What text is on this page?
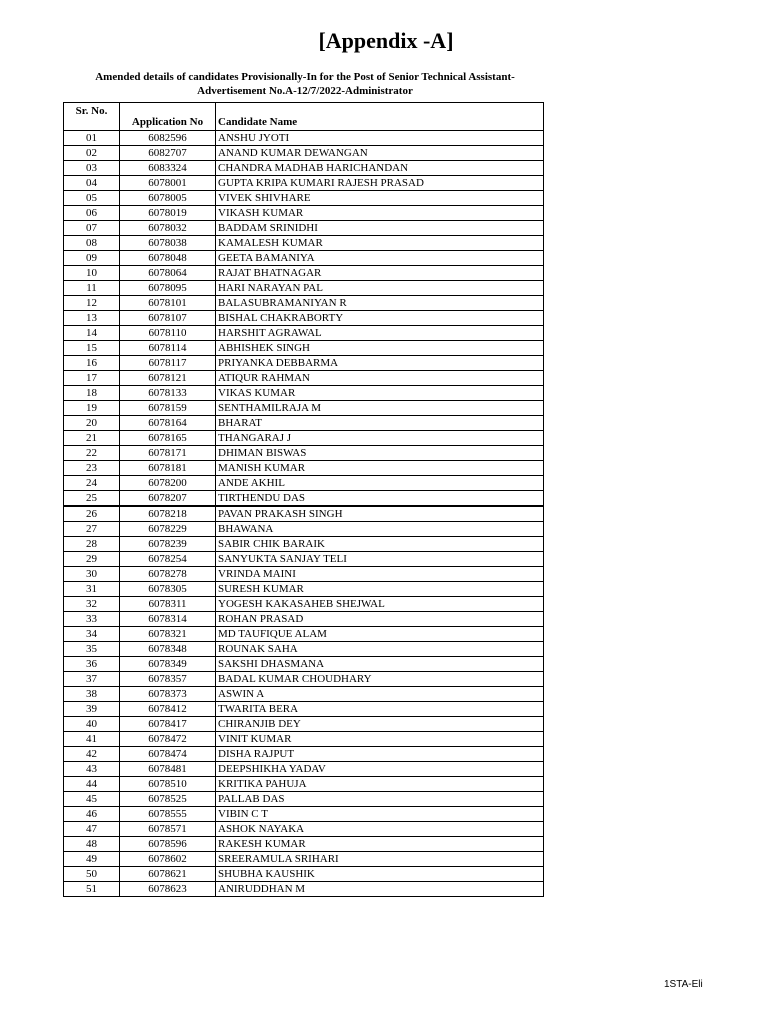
[Appendix -A]
Amended details of candidates Provisionally-In for the Post of Senior Technical Assistant-
Advertisement No.A-12/7/2022-Administrator
Sr. No.	Application No	Candidate Name
01	6082596	ANSHU JYOTI
02	6082707	ANAND KUMAR DEWANGAN
03	6083324	CHANDRA MADHAB HARICHANDAN
04	6078001	GUPTA KRIPA KUMARI RAJESH PRASAD
05	6078005	VIVEK SHIVHARE
06	6078019	VIKASH KUMAR
07	6078032	BADDAM SRINIDHI
08	6078038	KAMALESH KUMAR
09	6078048	GEETA BAMANIYA
10	6078064	RAJAT BHATNAGAR
11	6078095	HARI NARAYAN PAL
12	6078101	BALASUBRAMANIYAN R
13	6078107	BISHAL CHAKRABORTY
14	6078110	HARSHIT AGRAWAL
15	6078114	ABHISHEK SINGH
16	6078117	PRIYANKA DEBBARMA
17	6078121	ATIQUR RAHMAN
18	6078133	VIKAS KUMAR
19	6078159	SENTHAMILRAJA M
20	6078164	BHARAT
21	6078165	THANGARAJ J
22	6078171	DHIMAN BISWAS
23	6078181	MANISH KUMAR
24	6078200	ANDE AKHIL
25	6078207	TIRTHENDU DAS
26	6078218	PAVAN PRAKASH SINGH
27	6078229	BHAWANA
28	6078239	SABIR CHIK BARAIK
29	6078254	SANYUKTA SANJAY TELI
30	6078278	VRINDA MAINI
31	6078305	SURESH KUMAR
32	6078311	YOGESH KAKASAHEB SHEJWAL
33	6078314	ROHAN PRASAD
34	6078321	MD TAUFIQUE ALAM
35	6078348	ROUNAK SAHA
36	6078349	SAKSHI DHASMANA
37	6078357	BADAL KUMAR CHOUDHARY
38	6078373	ASWIN A
39	6078412	TWARITA BERA
40	6078417	CHIRANJIB DEY
41	6078472	VINIT KUMAR
42	6078474	DISHA RAJPUT
43	6078481	DEEPSHIKHA YADAV
44	6078510	KRITIKA PAHUJA
45	6078525	PALLAB DAS
46	6078555	VIBIN C T
47	6078571	ASHOK NAYAKA
48	6078596	RAKESH KUMAR
49	6078602	SREERAMULA SRIHARI
50	6078621	SHUBHA KAUSHIK
51	6078623	ANIRUDDHAN M
1STA-Eli
